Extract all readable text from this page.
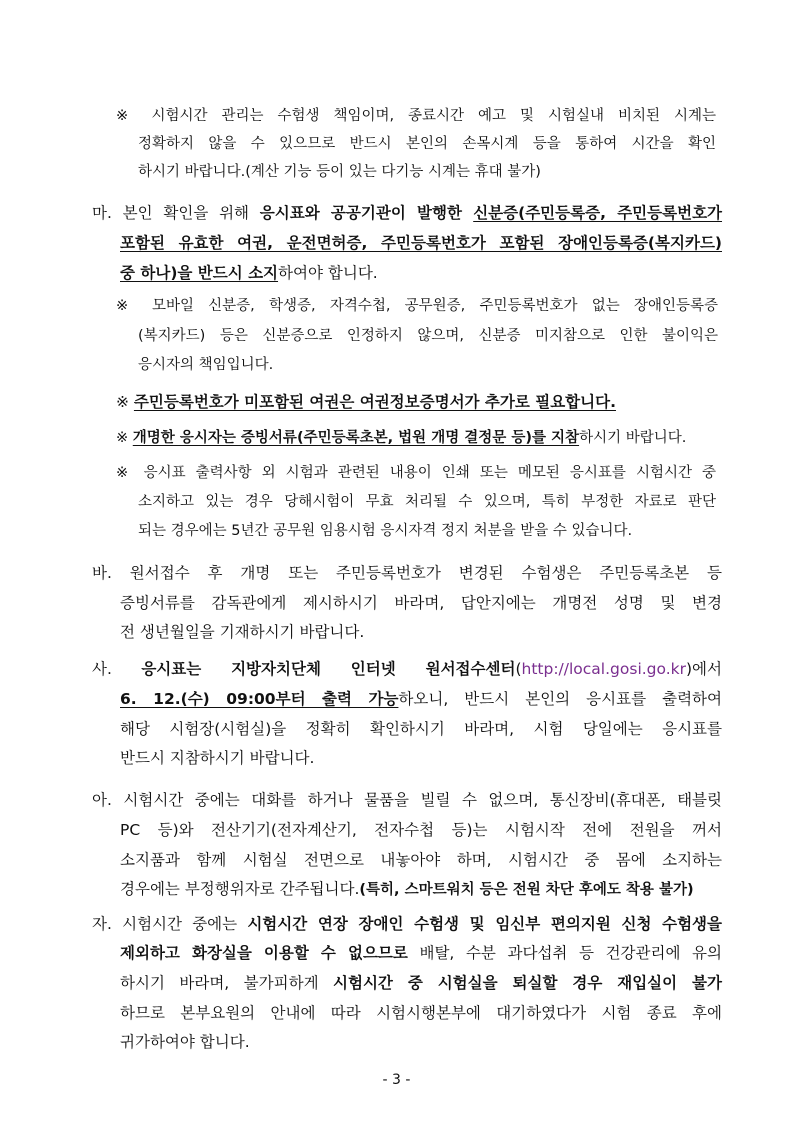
※ 시험시간 관리는 수험생 책임이며, 종료시간 예고 및 시험실내 비치된 시계는
정확하지 않을 수 있으므로 반드시 본인의 손목시계 등을 통하여 시간을 확인
하시기 바랍니다.(계산 기능 등이 있는 다기능 시계는 휴대 불가)
마. 본인 확인을 위해 응시표와 공공기관이 발행한 신분증(주민등록증, 주민등록번호가
포함된 유효한 여권, 운전면허증, 주민등록번호가 포함된 장애인등록증(복지카드)
중 하나)을 반드시 소지하여야 합니다.
※ 모바일 신분증, 학생증, 자격수첩, 공무원증, 주민등록번호가 없는 장애인등록증
(복지카드) 등은 신분증으로 인정하지 않으며, 신분증 미지참으로 인한 불이익은
응시자의 책임입니다.
※ 주민등록번호가 미포함된 여권은 여권정보증명서가 추가로 필요합니다.
※ 개명한 응시자는 증빙서류(주민등록초본, 법원 개명 결정문 등)를 지참하시기 바랍니다.
※ 응시표 출력사항 외 시험과 관련된 내용이 인쇄 또는 메모된 응시표를 시험시간 중
소지하고 있는 경우 당해시험이 무효 처리될 수 있으며, 특히 부정한 자료로 판단
되는 경우에는 5년간 공무원 임용시험 응시자격 정지 처분을 받을 수 있습니다.
바. 원서접수 후 개명 또는 주민등록번호가 변경된 수험생은 주민등록초본 등
증빙서류를 감독관에게 제시하시기 바라며, 답안지에는 개명전 성명 및 변경
전 생년월일을 기재하시기 바랍니다.
사. 응시표는 지방자치단체 인터넷 원서접수센터(http://local.gosi.go.kr)에서
6. 12.(수) 09:00부터 출력 가능하오니, 반드시 본인의 응시표를 출력하여
해당 시험장(시험실)을 정확히 확인하시기 바라며, 시험 당일에는 응시표를
반드시 지참하시기 바랍니다.
아. 시험시간 중에는 대화를 하거나 물품을 빌릴 수 없으며, 통신장비(휴대폰, 태블릿
PC 등)와 전산기기(전자계산기, 전자수첩 등)는 시험시작 전에 전원을 꺼서
소지품과 함께 시험실 전면으로 내놓아야 하며, 시험시간 중 몸에 소지하는
경우에는 부정행위자로 간주됩니다.(특히, 스마트워치 등은 전원 차단 후에도 착용 불가)
자. 시험시간 중에는 시험시간 연장 장애인 수험생 및 임신부 편의지원 신청 수험생을
제외하고 화장실을 이용할 수 없으므로 배탈, 수분 과다섭취 등 건강관리에 유의
하시기 바라며, 불가피하게 시험시간 중 시험실을 퇴실할 경우 재입실이 불가
하므로 본부요원의 안내에 따라 시험시행본부에 대기하였다가 시험 종료 후에
귀가하여야 합니다.
- 3 -
